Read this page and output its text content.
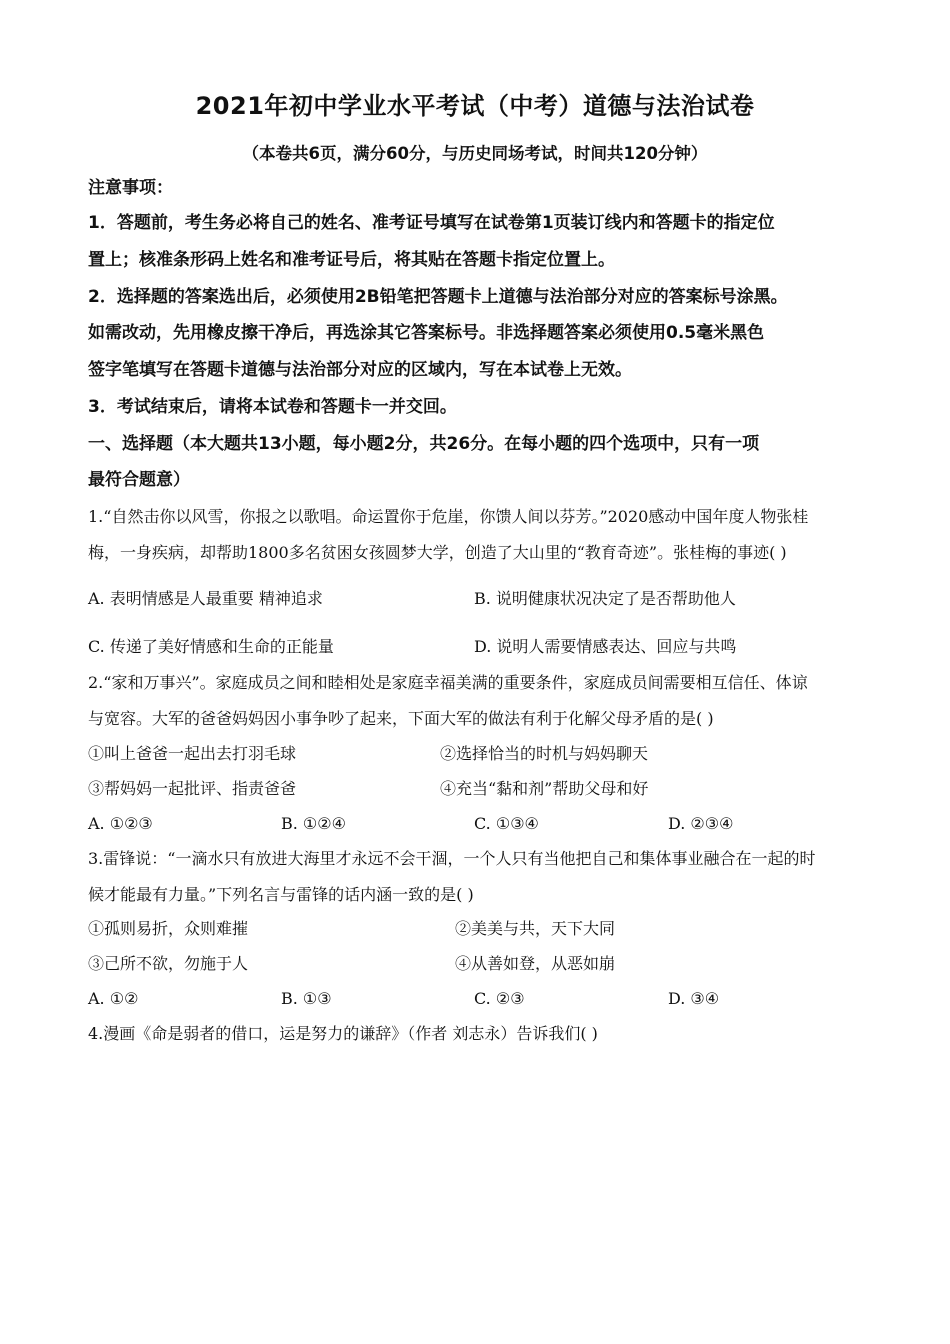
2021年初中学业水平考试（中考）道德与法治试卷
（本卷共6页，满分60分，与历史同场考试，时间共120分钟）
注意事项：
1．答题前，考生务必将自己的姓名、准考证号填写在试卷第1页装订线内和答题卡的指定位
置上；核准条形码上姓名和准考证号后，将其贴在答题卡指定位置上。
2．选择题的答案选出后，必须使用2B铅笔把答题卡上道德与法治部分对应的答案标号涂黑。
如需改动，先用橡皮擦干净后，再选涂其它答案标号。非选择题答案必须使用0.5毫米黑色
签字笔填写在答题卡道德与法治部分对应的区域内，写在本试卷上无效。
3．考试结束后，请将本试卷和答题卡一并交回。
一、选择题（本大题共13小题，每小题2分，共26分。在每小题的四个选项中，只有一项
最符合题意）
1.“自然击你以风雪，你报之以歌唱。命运置你于危崖，你馈人间以芬芳。”2020感动中国年度人物张桂
梅，一身疾病，却帮助1800多名贫困女孩圆梦大学，创造了大山里的“教育奇迹”。张桂梅的事迹( )
A. 表明情感是人最重要 精神追求	B. 说明健康状况决定了是否帮助他人
C. 传递了美好情感和生命的正能量	D. 说明人需要情感表达、回应与共鸣
2.“家和万事兴”。家庭成员之间和睦相处是家庭幸福美满的重要条件，家庭成员间需要相互信任、体谅
与宽容。大军的爸爸妈妈因小事争吵了起来，下面大军的做法有利于化解父母矛盾的是( )
①叫上爸爸一起出去打羽毛球	②选择恰当的时机与妈妈聊天
③帮妈妈一起批评、指责爸爸	④充当“黏和剂”帮助父母和好
A. ①②③	B. ①②④	C. ①③④	D. ②③④
3.雷锋说：“一滴水只有放进大海里才永远不会干涸，一个人只有当他把自己和集体事业融合在一起的时
候才能最有力量。”下列名言与雷锋的话内涵一致的是( )
①孤则易折，众则难摧	②美美与共，天下大同
③己所不欲，勿施于人	④从善如登，从恶如崩
A. ①②	B. ①③	C. ②③	D. ③④
4.漫画《命是弱者的借口，运是努力的谦辞》（作者 刘志永）告诉我们( )
